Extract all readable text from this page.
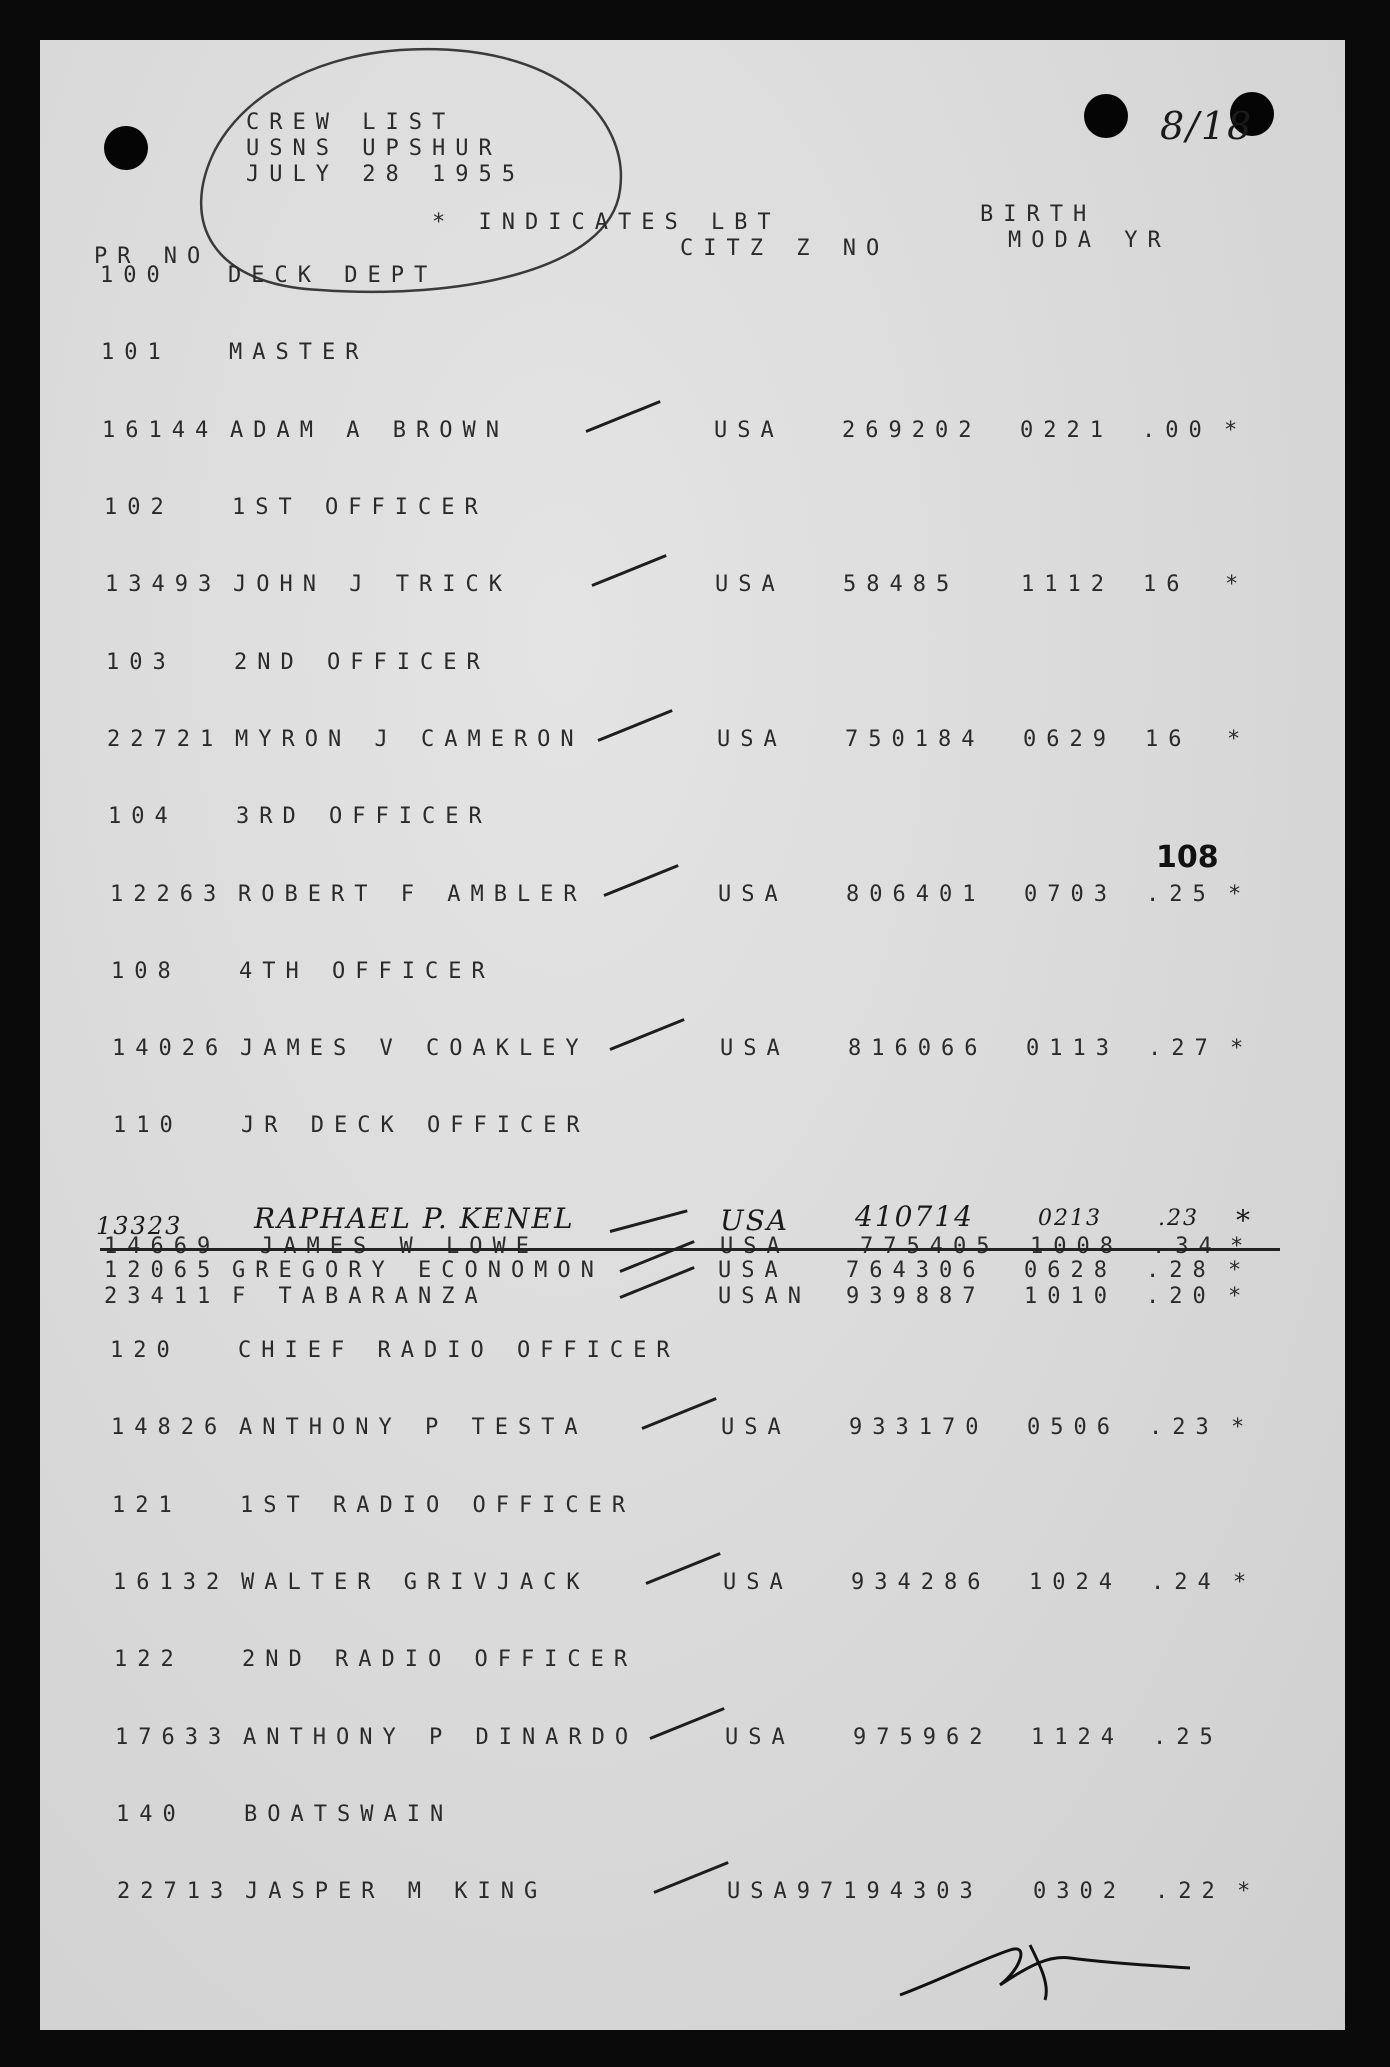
CREW LIST
USNS UPSHUR
JULY 28 1955
* INDICATES LBT	BIRTH
CITZ Z NO	MODA YR
PR NO
8/18
108
100	DECK DEPT
101	MASTER
16144 ADAM A BROWN	USA	269202 0221 .00 *
102	1ST OFFICER
13493 JOHN J TRICK	USA	58485	1112 16 *
103	2ND OFFICER
22721 MYRON J CAMERON	USA	750184 0629 16 *
104	3RD OFFICER
12263 ROBERT F AMBLER	USA	806401 0703 .25 *
108	4TH OFFICER
14026 JAMES V COAKLEY	USA	816066 0113 .27 *
110	JR DECK OFFICER
13323	RAPHAEL P. KENEL	USA 410714	0213	.23 *
14669 JAMES W LOWE	USA	775405 1008 .34 *
12065 GREGORY ECONOMON	USA	764306 0628 .28 *
23411 F TABARANZA	USAN 939887 1010 .20 *
120	CHIEF RADIO OFFICER
14826 ANTHONY P TESTA	USA	933170 0506 .23 *
121	1ST RADIO OFFICER
16132 WALTER GRIVJACK	USA	934286 1024 .24 *
122	2ND RADIO OFFICER
17633 ANTHONY P DINARDO	USA	975962 1124 .25
140	BOATSWAIN
22713 JASPER M KING	USA97194303 0302 .22 *
